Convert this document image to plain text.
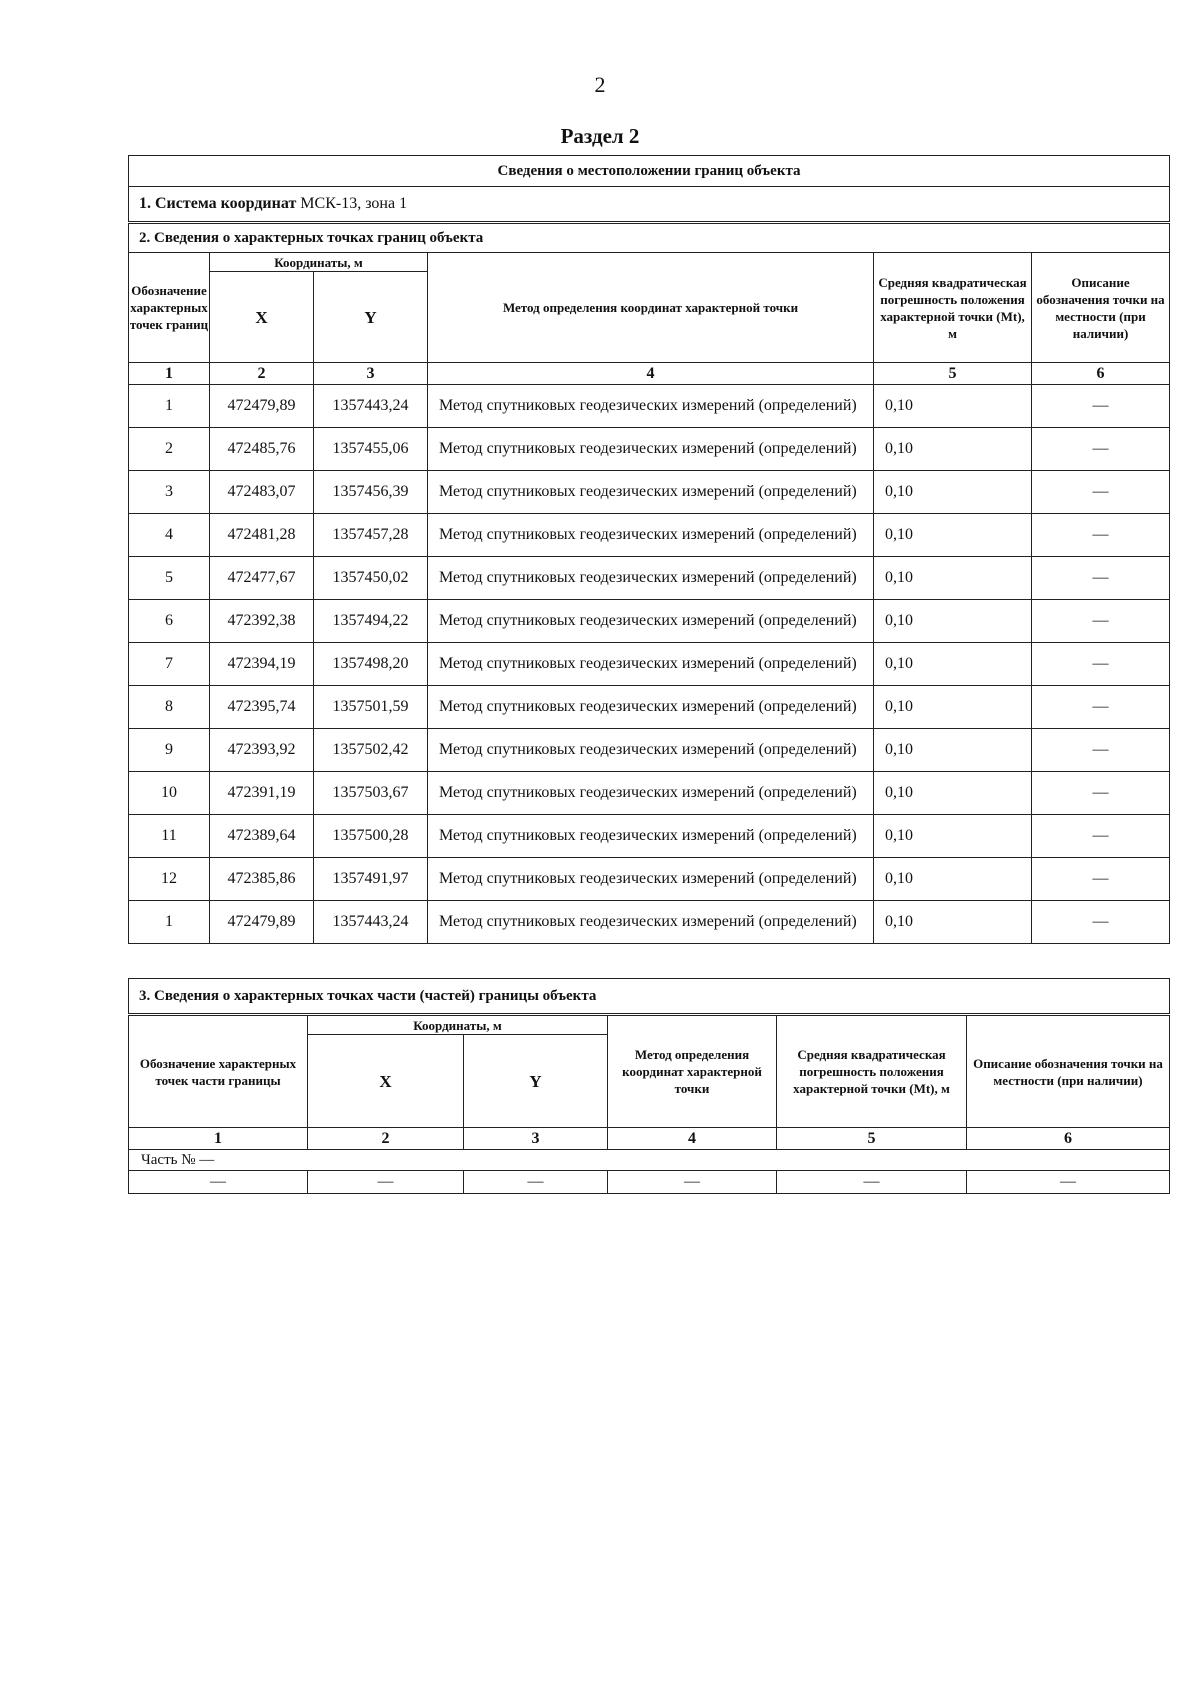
2
Раздел 2
Сведения о местоположении границ объекта					
1. Система координат МСК-13, зона 1					
2. Сведения о характерных точках границ объекта					
Обозначение характерных точек границ	Координаты, м		Метод определения координат характерной точки	Средняя квадратическая погрешность положения характерной точки (Mt), м	Описание обозначения точки на местности (при наличии)
	X	Y			
1	2	3	4	5	6
1	472479,89	1357443,24	Метод спутниковых геодезических измерений (определений)	0,10	—
2	472485,76	1357455,06	Метод спутниковых геодезических измерений (определений)	0,10	—
3	472483,07	1357456,39	Метод спутниковых геодезических измерений (определений)	0,10	—
4	472481,28	1357457,28	Метод спутниковых геодезических измерений (определений)	0,10	—
5	472477,67	1357450,02	Метод спутниковых геодезических измерений (определений)	0,10	—
6	472392,38	1357494,22	Метод спутниковых геодезических измерений (определений)	0,10	—
7	472394,19	1357498,20	Метод спутниковых геодезических измерений (определений)	0,10	—
8	472395,74	1357501,59	Метод спутниковых геодезических измерений (определений)	0,10	—
9	472393,92	1357502,42	Метод спутниковых геодезических измерений (определений)	0,10	—
10	472391,19	1357503,67	Метод спутниковых геодезических измерений (определений)	0,10	—
11	472389,64	1357500,28	Метод спутниковых геодезических измерений (определений)	0,10	—
12	472385,86	1357491,97	Метод спутниковых геодезических измерений (определений)	0,10	—
1	472479,89	1357443,24	Метод спутниковых геодезических измерений (определений)	0,10	—
3. Сведения о характерных точках части (частей) границы объекта					
Обозначение характерных точек части границы	Координаты, м		Метод определения координат характерной точки	Средняя квадратическая погрешность положения характерной точки (Mt), м	Описание обозначения точки на местности (при наличии)
	X	Y			
1	2	3	4	5	6
Часть № —					
—	—	—	—	—	—
